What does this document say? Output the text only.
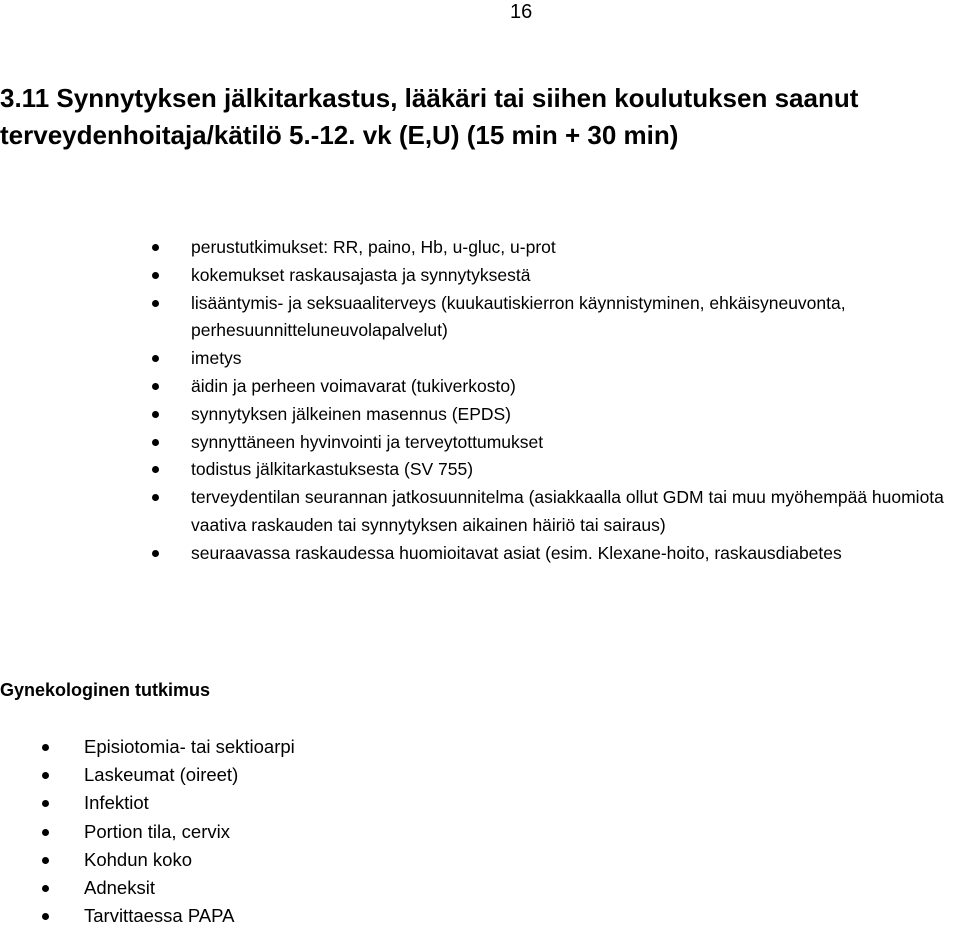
16
3.11 Synnytyksen jälkitarkastus, lääkäri tai siihen koulutuksen saanut terveydenhoitaja/kätilö 5.-12. vk (E,U) (15 min + 30 min)
perustutkimukset: RR, paino, Hb, u-gluc, u-prot
kokemukset raskausajasta ja synnytyksestä
lisääntymis- ja seksuaaliterveys (kuukautiskierron käynnistyminen, ehkäisyneuvonta, perhesuunnitteluneuvolapalvelut)
imetys
äidin ja perheen voimavarat (tukiverkosto)
synnytyksen jälkeinen masennus (EPDS)
synnyttäneen hyvinvointi ja terveytottumukset
todistus jälkitarkastuksesta (SV 755)
terveydentilan seurannan jatkosuunnitelma (asiakkaalla ollut GDM tai muu myöhempää huomiota vaativa raskauden tai synnytyksen aikainen häiriö tai sairaus)
seuraavassa raskaudessa huomioitavat asiat (esim. Klexane-hoito, raskausdiabetes
Gynekologinen tutkimus
Episiotomia- tai sektioarpi
Laskeumat (oireet)
Infektiot
Portion tila, cervix
Kohdun koko
Adneksit
Tarvittaessa PAPA
